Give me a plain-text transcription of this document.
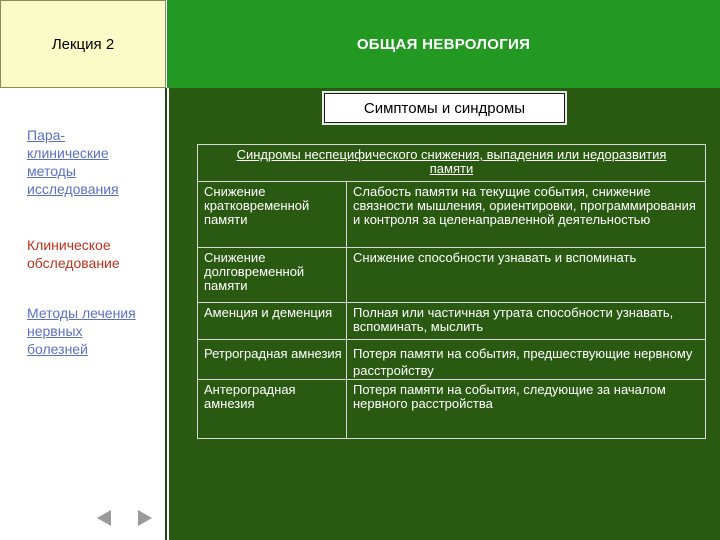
Лекция 2	ОБЩАЯ НЕВРОЛОГИЯ
Пара-клинические методы исследования
Клиническое обследование
Методы лечения нервных болезней
Симптомы и синдромы
Синдромы неспецифического снижения, выпадения или недоразвития памяти
Снижение кратковременной памяти
Слабость памяти на текущие события, снижение связности мышления, ориентировки, программирования и контроля за целенаправленной деятельностью
Снижение долговременной памяти
Снижение способности узнавать и вспоминать
Аменция и деменция	Полная или частичная утрата способности узнавать, вспоминать, мыслить
Ретроградная амнезия Потеря памяти на события, предшествующие нервному расстройству
Антероградная амнезия
Потеря памяти на события, следующие за началом нервного расстройства
